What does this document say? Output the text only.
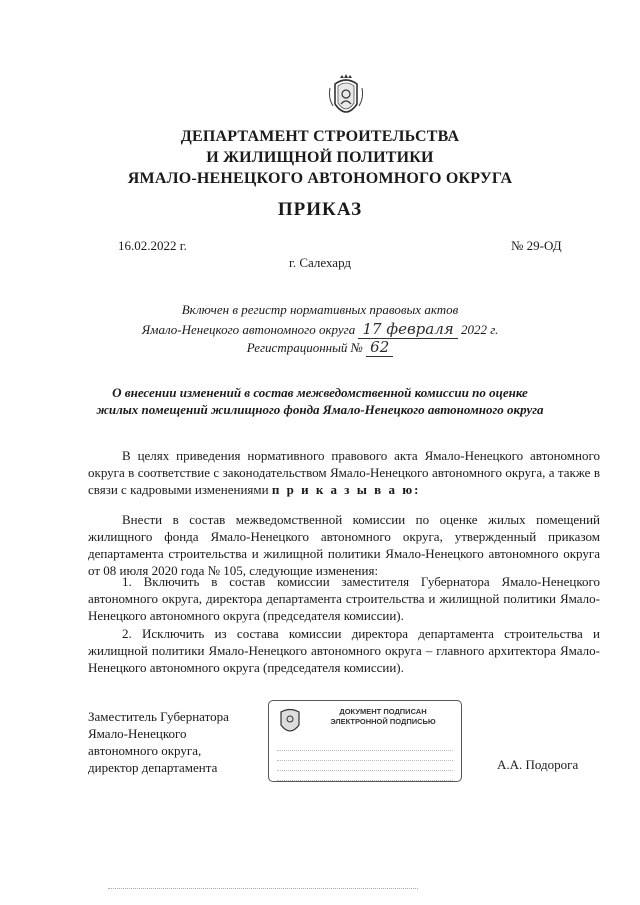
ДЕПАРТАМЕНТ СТРОИТЕЛЬСТВА
И ЖИЛИЩНОЙ ПОЛИТИКИ
ЯМАЛО-НЕНЕЦКОГО АВТОНОМНОГО ОКРУГА
ПРИКАЗ
16.02.2022 г.	№ 29-ОД
г. Салехард
Включен в регистр нормативных правовых актов
Ямало-Ненецкого автономного округа 17 февраля 2022 г.
Регистрационный № 62
О внесении изменений в состав межведомственной комиссии по оценке
жилых помещений жилищного фонда Ямало-Ненецкого автономного округа
В целях приведения нормативного правового акта Ямало-Ненецкого автономного округа в соответствие с законодательством Ямало-Ненецкого автономного округа, а также в связи с кадровыми изменениями п р и к а з ы в а ю:
Внести в состав межведомственной комиссии по оценке жилых помещений жилищного фонда Ямало-Ненецкого автономного округа, утвержденный приказом департамента строительства и жилищной политики Ямало-Ненецкого автономного округа от 08 июля 2020 года № 105, следующие изменения:
1. Включить в состав комиссии заместителя Губернатора Ямало-Ненецкого автономного округа, директора департамента строительства и жилищной политики Ямало-Ненецкого автономного округа (председателя комиссии).
2. Исключить из состава комиссии директора департамента строительства и жилищной политики Ямало-Ненецкого автономного округа – главного архитектора Ямало-Ненецкого автономного округа (председателя комиссии).
Заместитель Губернатора
Ямало-Ненецкого
автономного округа,
директор департамента
ДОКУМЕНТ ПОДПИСАН
ЭЛЕКТРОННОЙ ПОДПИСЬЮ

А.А. Подорога
